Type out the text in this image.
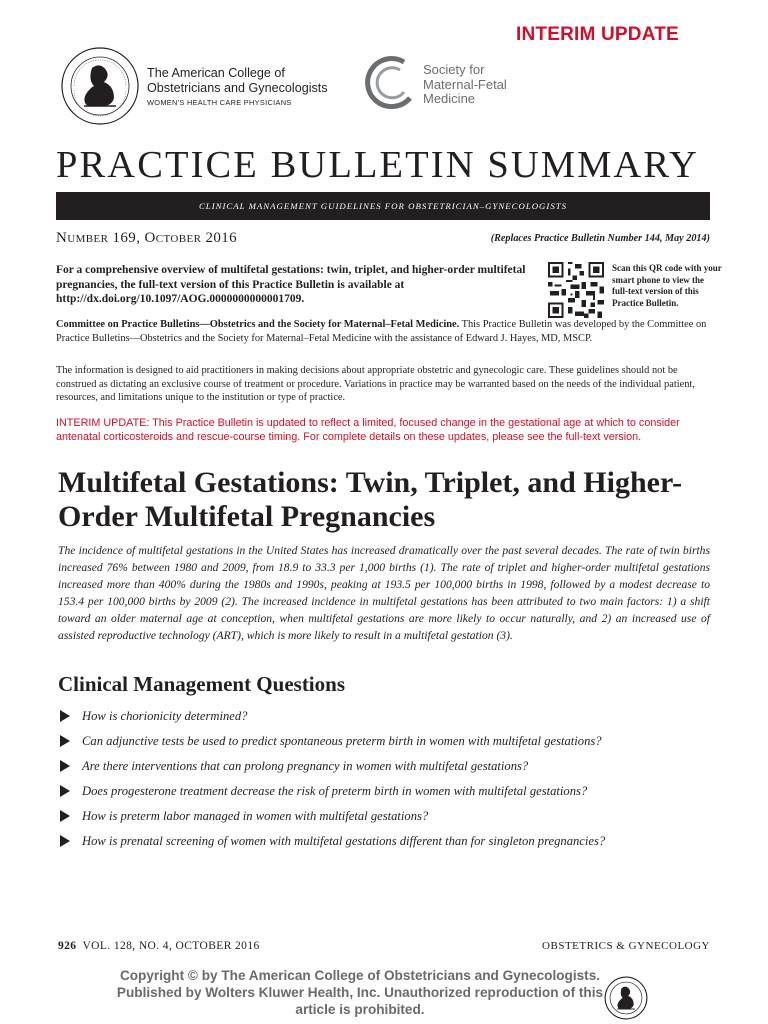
INTERIM UPDATE
The American College of
Obstetricians and Gynecologists
WOMEN'S HEALTH CARE PHYSICIANS
Society for
Maternal-Fetal
Medicine
PRACTICE BULLETIN SUMMARY
CLINICAL MANAGEMENT GUIDELINES FOR OBSTETRICIAN–GYNECOLOGISTS
Number 169, October 2016	(Replaces Practice Bulletin Number 144, May 2014)
For a comprehensive overview of multifetal gestations: twin, triplet, and higher-order multifetal pregnancies, the full-text version of this Practice Bulletin is available at http://dx.doi.org/10.1097/AOG.0000000000001709.
Scan this QR code with your smart phone to view the full-text version of this Practice Bulletin.
Committee on Practice Bulletins—Obstetrics and the Society for Maternal–Fetal Medicine. This Practice Bulletin was developed by the Committee on Practice Bulletins—Obstetrics and the Society for Maternal–Fetal Medicine with the assistance of Edward J. Hayes, MD, MSCP.
The information is designed to aid practitioners in making decisions about appropriate obstetric and gynecologic care. These guidelines should not be construed as dictating an exclusive course of treatment or procedure. Variations in practice may be warranted based on the needs of the individual patient, resources, and limitations unique to the institution or type of practice.
INTERIM UPDATE: This Practice Bulletin is updated to reflect a limited, focused change in the gestational age at which to consider antenatal corticosteroids and rescue-course timing. For complete details on these updates, please see the full-text version.
Multifetal Gestations: Twin, Triplet, and Higher-Order Multifetal Pregnancies
The incidence of multifetal gestations in the United States has increased dramatically over the past several decades. The rate of twin births increased 76% between 1980 and 2009, from 18.9 to 33.3 per 1,000 births (1). The rate of triplet and higher-order multifetal gestations increased more than 400% during the 1980s and 1990s, peaking at 193.5 per 100,000 births in 1998, followed by a modest decrease to 153.4 per 100,000 births by 2009 (2). The increased incidence in multifetal gestations has been attributed to two main factors: 1) a shift toward an older maternal age at conception, when multifetal gestations are more likely to occur naturally, and 2) an increased use of assisted reproductive technology (ART), which is more likely to result in a multifetal gestation (3).
Clinical Management Questions
How is chorionicity determined?
Can adjunctive tests be used to predict spontaneous preterm birth in women with multifetal gestations?
Are there interventions that can prolong pregnancy in women with multifetal gestations?
Does progesterone treatment decrease the risk of preterm birth in women with multifetal gestations?
How is preterm labor managed in women with multifetal gestations?
How is prenatal screening of women with multifetal gestations different than for singleton pregnancies?
926 VOL. 128, NO. 4, OCTOBER 2016	OBSTETRICS & GYNECOLOGY
Copyright © by The American College of Obstetricians and Gynecologists. Published by Wolters Kluwer Health, Inc. Unauthorized reproduction of this article is prohibited.
